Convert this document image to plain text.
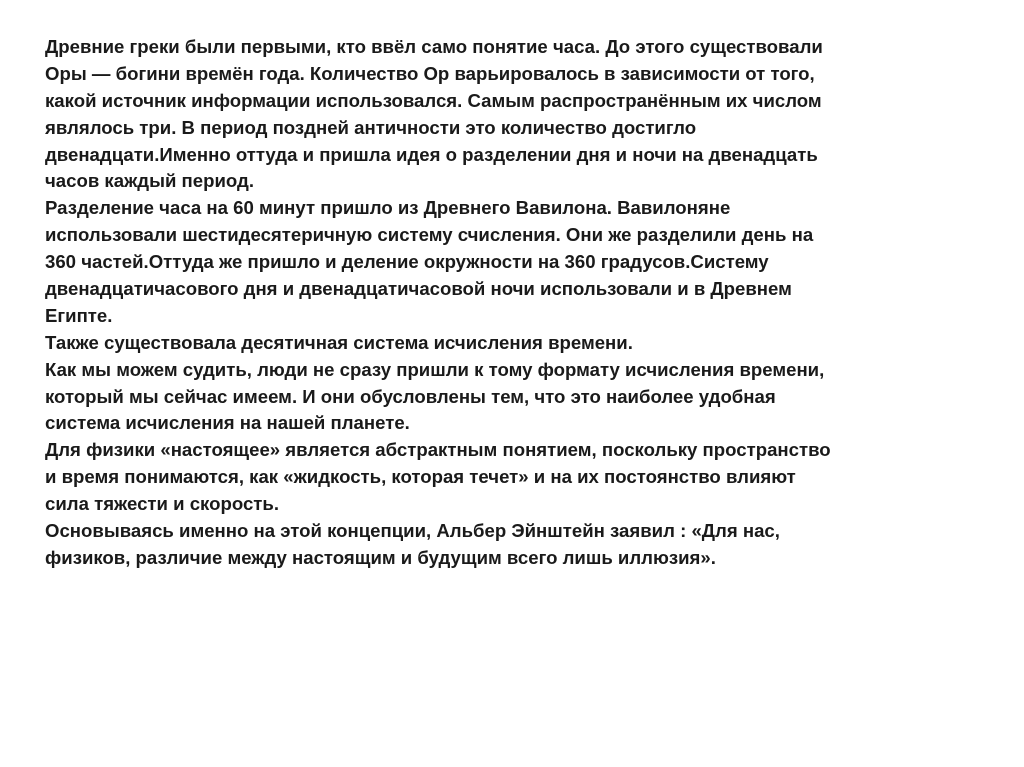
Древние греки были первыми, кто ввёл само понятие часа. До этого существовали
Оры — богини времён года. Количество Ор варьировалось в зависимости от того,
какой источник информации использовался. Самым распространённым их числом
являлось три. В период поздней античности это количество достигло
двенадцати.Именно оттуда и пришла идея о разделении дня и ночи на двенадцать
часов каждый период.
Разделение часа на 60 минут пришло из Древнего Вавилона. Вавилоняне
использовали шестидесятеричную систему счисления. Они же разделили день на
360 частей.Оттуда же пришло и деление окружности на 360 градусов.Систему
двенадцатичасового дня и двенадцатичасовой ночи использовали и в Древнем
Египте.
Также существовала десятичная система исчисления времени.
Как мы можем судить, люди не сразу пришли к тому формату исчисления времени,
который мы сейчас имеем. И они обусловлены тем, что это наиболее удобная
система исчисления на нашей планете.
Для физики «настоящее» является абстрактным понятием, поскольку пространство
и время понимаются, как «жидкость, которая течет» и на их постоянство влияют
сила тяжести и скорость.
Основываясь именно на этой концепции, Альбер Эйнштейн заявил : «Для нас,
физиков, различие между настоящим и будущим всего лишь иллюзия».
